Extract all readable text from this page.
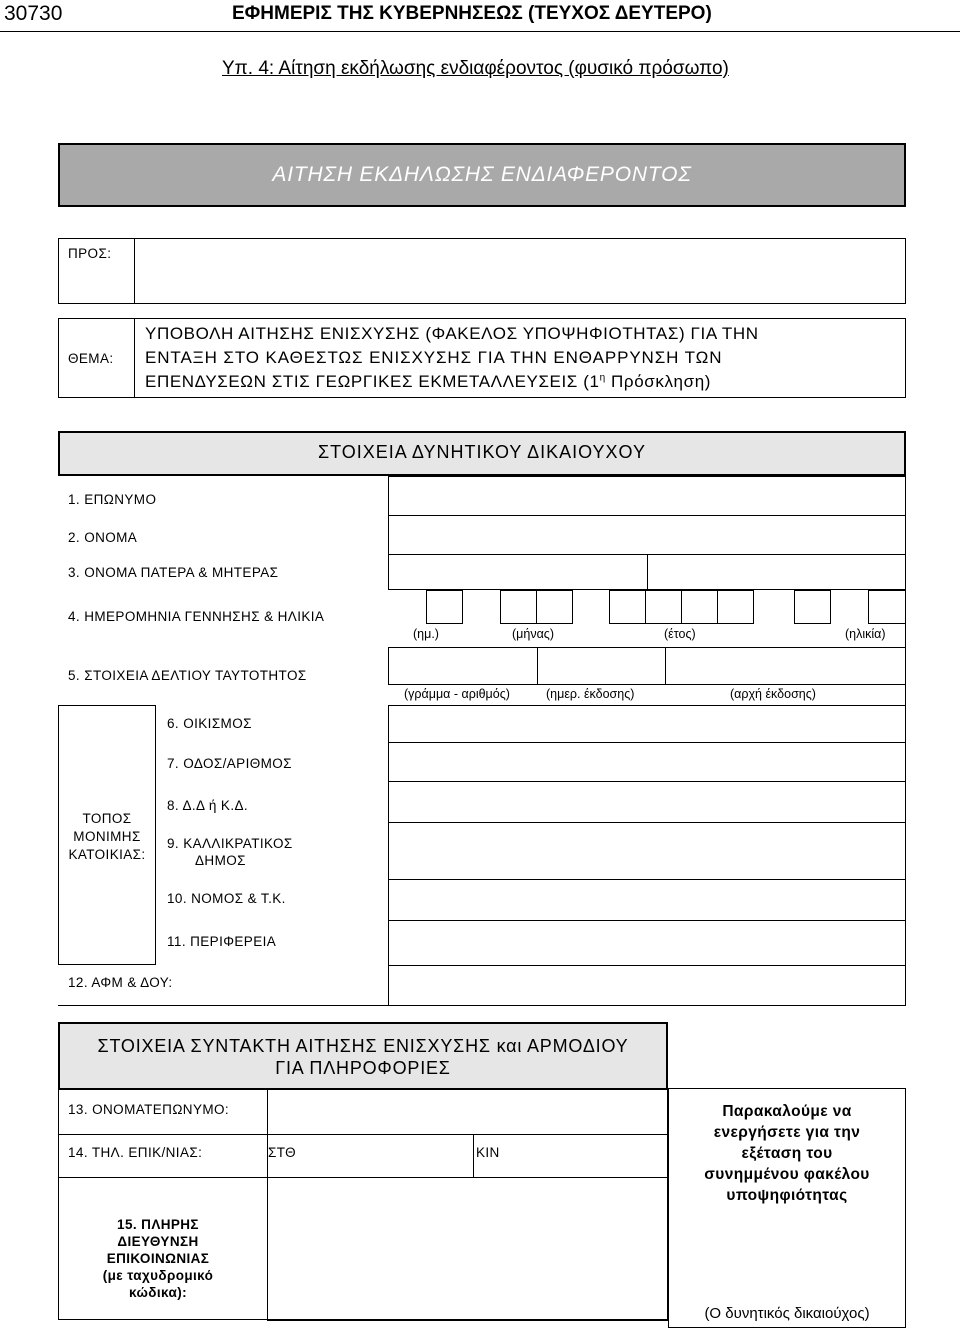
30730	ΕΦΗΜΕΡΙΣ ΤΗΣ ΚΥΒΕΡΝΗΣΕΩΣ (ΤΕΥΧΟΣ ΔΕΥΤΕΡΟ)
Υπ. 4: Αίτηση εκδήλωσης ενδιαφέροντος (φυσικό πρόσωπο)
ΑΙΤΗΣΗ ΕΚΔΗΛΩΣΗΣ ΕΝΔΙΑΦΕΡΟΝΤΟΣ
ΠΡΟΣ:
ΘΕΜΑ:
ΥΠΟΒΟΛΗ ΑΙΤΗΣΗΣ ΕΝΙΣΧΥΣΗΣ (ΦΑΚΕΛΟΣ ΥΠΟΨΗΦΙΟΤΗΤΑΣ) ΓΙΑ ΤΗΝ
ΕΝΤΑΞΗ ΣΤΟ ΚΑΘΕΣΤΩΣ ΕΝΙΣΧΥΣΗΣ ΓΙΑ ΤΗΝ ΕΝΘΑΡΡΥΝΣΗ ΤΩΝ
ΕΠΕΝΔΥΣΕΩΝ ΣΤΙΣ ΓΕΩΡΓΙΚΕΣ ΕΚΜΕΤΑΛΛΕΥΣΕΙΣ ($1^\eta$ Πρόσκληση)
ΣΤΟΙΧΕΙΑ ΔΥΝΗΤΙΚΟΥ ΔΙΚΑΙΟΥΧΟΥ
1. ΕΠΩΝΥΜΟ
2. ΟΝΟΜΑ
3. ΟΝΟΜΑ ΠΑΤΕΡΑ & ΜΗΤΕΡΑΣ
4. ΗΜΕΡΟΜΗΝΙΑ ΓΕΝΝΗΣΗΣ & ΗΛΙΚΙΑ
(ημ.)	(μήνας)	(έτος)	(ηλικία)
5. ΣΤΟΙΧΕΙΑ ΔΕΛΤΙΟΥ ΤΑΥΤΟΤΗΤΟΣ
(γράμμα - αριθμός)	(ημερ. έκδοσης)	(αρχή έκδοσης)
ΤΟΠΟΣ
ΜΟΝΙΜΗΣ
ΚΑΤΟΙΚΙΑΣ:
6. ΟΙΚΙΣΜΟΣ
7. ΟΔΟΣ/ΑΡΙΘΜΟΣ
8. Δ.Δ ή Κ.Δ.
9. ΚΑΛΛΙΚΡΑΤΙΚΟΣ
ΔΗΜΟΣ
10. ΝΟΜΟΣ & Τ.Κ.
11. ΠΕΡΙΦΕΡΕΙΑ
12. ΑΦΜ & ΔΟΥ:
ΣΤΟΙΧΕΙΑ ΣΥΝΤΑΚΤΗ ΑΙΤΗΣΗΣ ΕΝΙΣΧΥΣΗΣ και ΑΡΜΟΔΙΟΥ
ΓΙΑ ΠΛΗΡΟΦΟΡΙΕΣ
13. ΟΝΟΜΑΤΕΠΩΝΥΜΟ:
14. ΤΗΛ. ΕΠΙΚ/ΝΙΑΣ:	ΣΤΘ	ΚΙΝ
15. ΠΛΗΡΗΣ
ΔΙΕΥΘΥΝΣΗ
ΕΠΙΚΟΙΝΩΝΙΑΣ
(με ταχυδρομικό
κώδικα):
Παρακαλούμε να
ενεργήσετε για την
εξέταση του
συνημμένου φακέλου
υποψηφιότητας
(Ο δυνητικός δικαιούχος)
